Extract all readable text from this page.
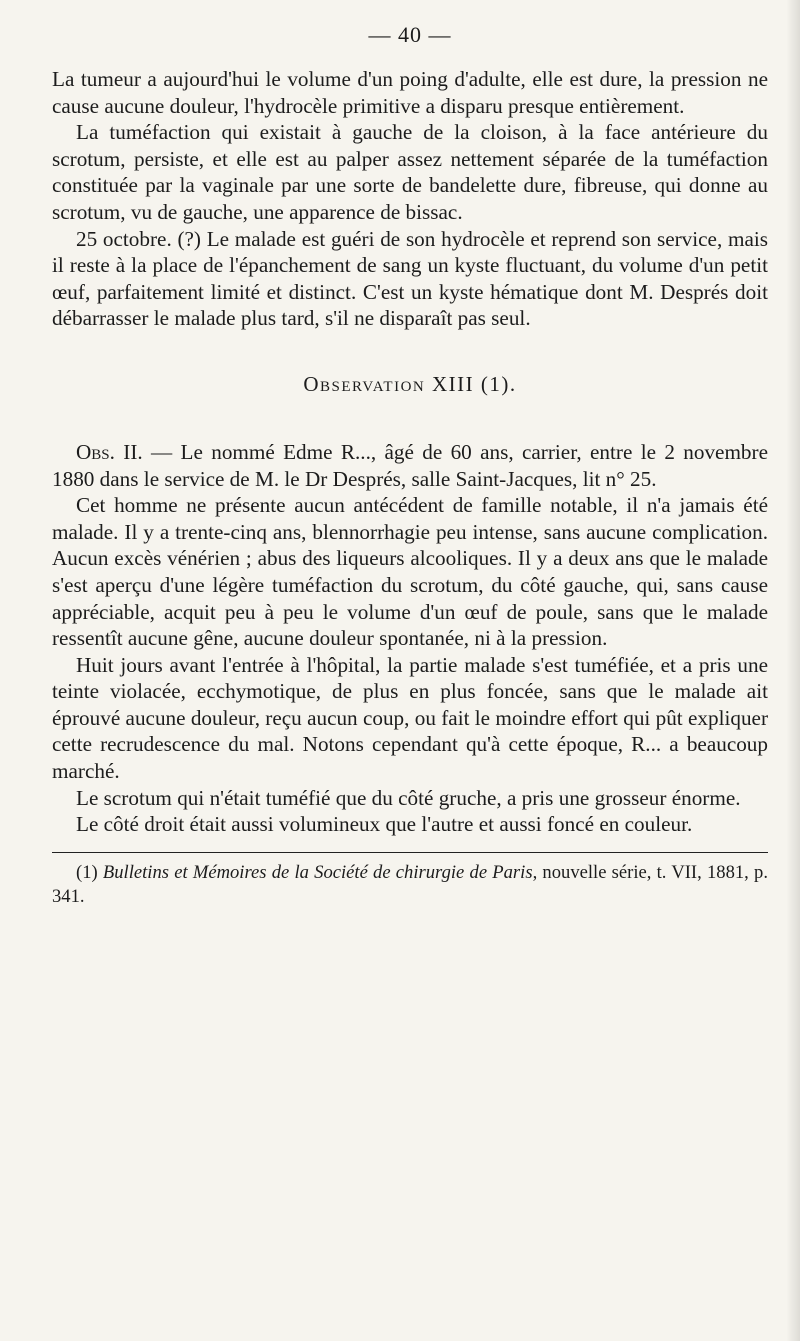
— 40 —

La tumeur a aujourd'hui le volume d'un poing d'adulte, elle est dure, la pression ne cause aucune douleur, l'hydrocèle primitive a disparu presque entièrement.

La tuméfaction qui existait à gauche de la cloison, à la face antérieure du scrotum, persiste, et elle est au palper assez nettement séparée de la tuméfaction constituée par la vaginale par une sorte de bandelette dure, fibreuse, qui donne au scrotum, vu de gauche, une apparence de bissac.

25 octobre. (?) Le malade est guéri de son hydrocèle et reprend son service, mais il reste à la place de l'épanchement de sang un kyste fluctuant, du volume d'un petit œuf, parfaitement limité et distinct. C'est un kyste hématique dont M. Després doit débarrasser le malade plus tard, s'il ne disparaît pas seul.

Observation XIII (1).

Obs. II. — Le nommé Edme R..., âgé de 60 ans, carrier, entre le 2 novembre 1880 dans le service de M. le Dr Després, salle Saint-Jacques, lit n° 25.

Cet homme ne présente aucun antécédent de famille notable, il n'a jamais été malade. Il y a trente-cinq ans, blennorrhagie peu intense, sans aucune complication. Aucun excès vénérien ; abus des liqueurs alcooliques. Il y a deux ans que le malade s'est aperçu d'une légère tuméfaction du scrotum, du côté gauche, qui, sans cause appréciable, acquit peu à peu le volume d'un œuf de poule, sans que le malade ressentît aucune gêne, aucune douleur spontanée, ni à la pression.

Huit jours avant l'entrée à l'hôpital, la partie malade s'est tuméfiée, et a pris une teinte violacée, ecchymotique, de plus en plus foncée, sans que le malade ait éprouvé aucune douleur, reçu aucun coup, ou fait le moindre effort qui pût expliquer cette recrudescence du mal. Notons cependant qu'à cette époque, R... a beaucoup marché.

Le scrotum qui n'était tuméfié que du côté gruche, a pris une grosseur énorme.

Le côté droit était aussi volumineux que l'autre et aussi foncé en couleur.

(1) Bulletins et Mémoires de la Société de chirurgie de Paris, nouvelle série, t. VII, 1881, p. 341.
